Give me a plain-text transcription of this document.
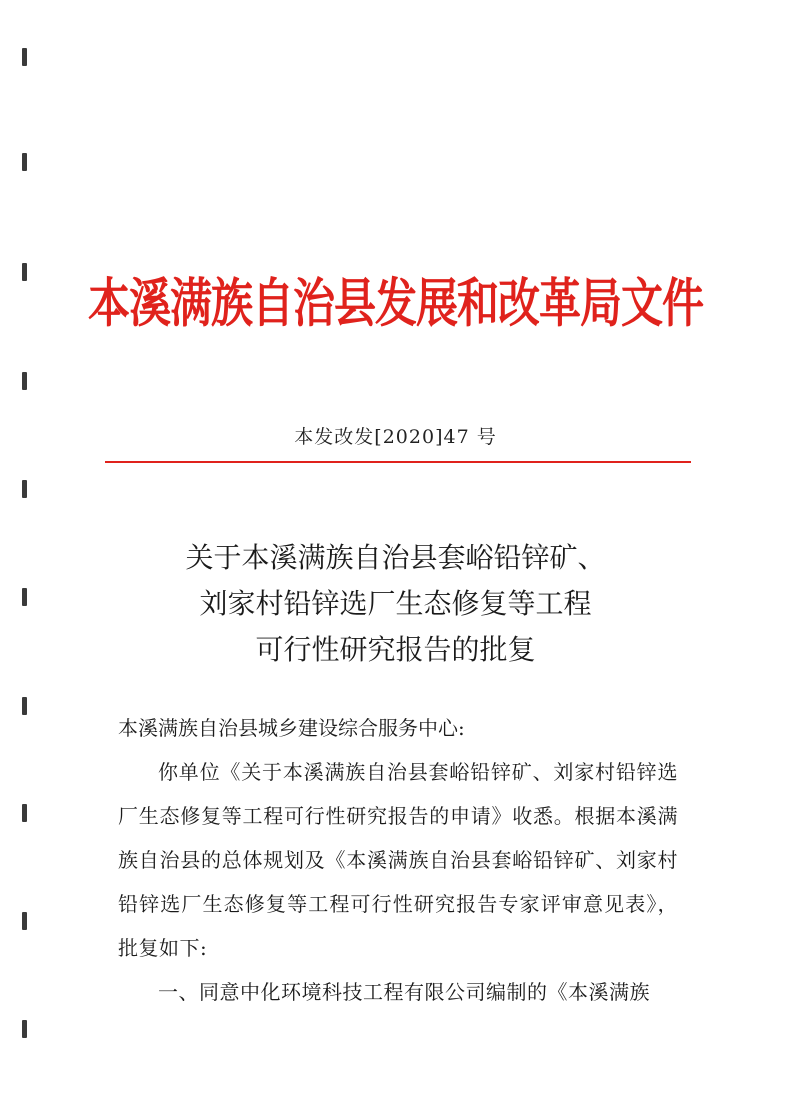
本溪满族自治县发展和改革局文件
本发改发[2020]47 号
关于本溪满族自治县套峪铅锌矿、
刘家村铅锌选厂生态修复等工程
可行性研究报告的批复

本溪满族自治县城乡建设综合服务中心:

你单位《关于本溪满族自治县套峪铅锌矿、刘家村铅锌选厂生态修复等工程可行性研究报告的申请》收悉。根据本溪满族自治县的总体规划及《本溪满族自治县套峪铅锌矿、刘家村铅锌选厂生态修复等工程可行性研究报告专家评审意见表》，批复如下:

一、同意中化环境科技工程有限公司编制的《本溪满族
